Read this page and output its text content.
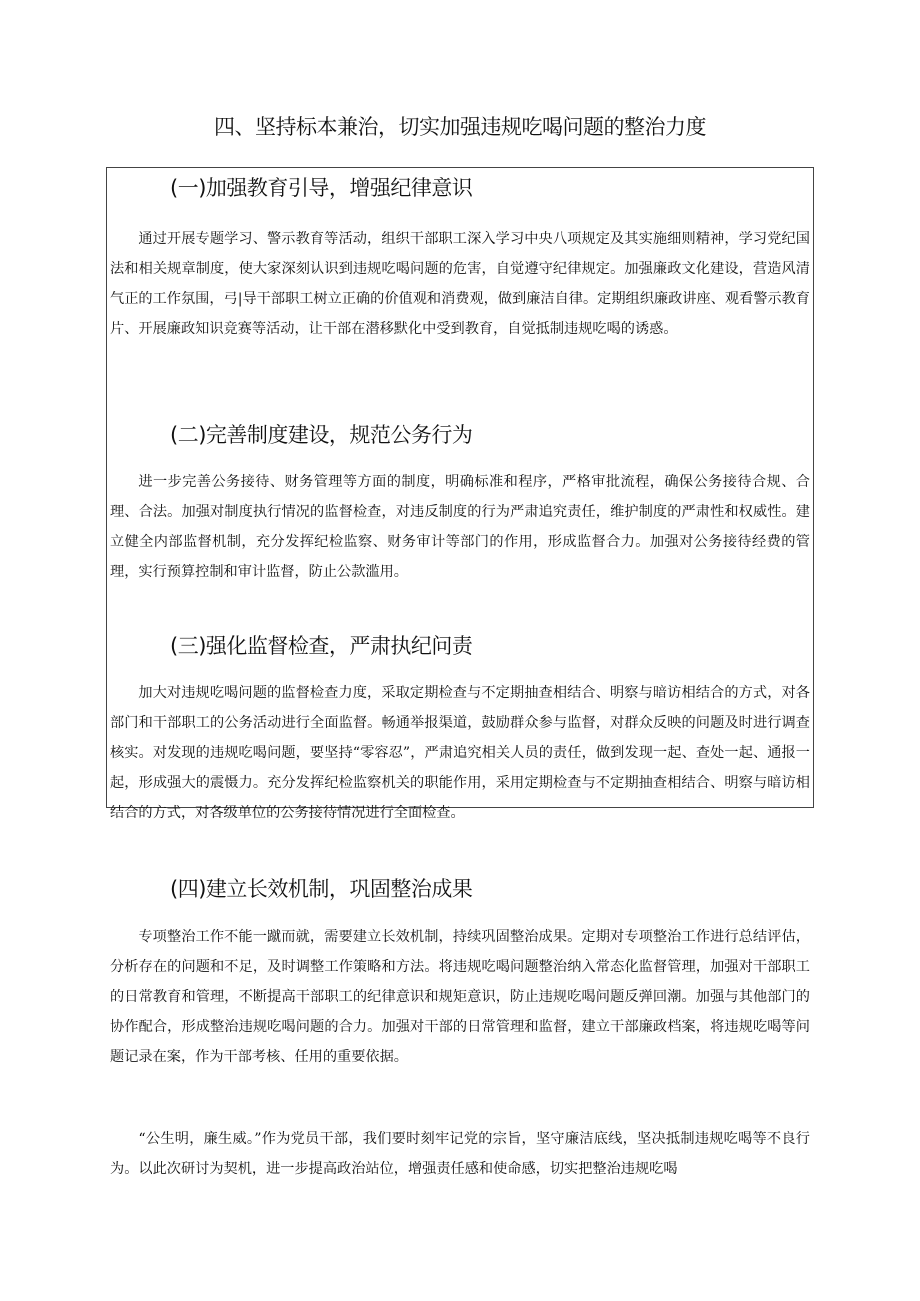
四、坚持标本兼治，切实加强违规吃喝问题的整治力度
(一)加强教育引导，增强纪律意识

通过开展专题学习、警示教育等活动，组织干部职工深入学习中央八项规定及其实施细则精神，学习党纪国法和相关规章制度，使大家深刻认识到违规吃喝问题的危害，自觉遵守纪律规定。加强廉政文化建设，营造风清气正的工作氛围，弓|导干部职工树立正确的价值观和消费观，做到廉洁自律。定期组织廉政讲座、观看警示教育片、开展廉政知识竞赛等活动，让干部在潜移默化中受到教育，自觉抵制违规吃喝的诱惑。

(二)完善制度建设，规范公务行为

进一步完善公务接待、财务管理等方面的制度，明确标准和程序，严格审批流程，确保公务接待合规、合理、合法。加强对制度执行情况的监督检查，对违反制度的行为严肃追究责任，维护制度的严肃性和权威性。建立健全内部监督机制，充分发挥纪检监察、财务审计等部门的作用，形成监督合力。加强对公务接待经费的管理，实行预算控制和审计监督，防止公款滥用。

(三)强化监督检查，严肃执纪问责

加大对违规吃喝问题的监督检查力度，采取定期检查与不定期抽查相结合、明察与暗访相结合的方式，对各部门和干部职工的公务活动进行全面监督。畅通举报渠道，鼓励群众参与监督，对群众反映的问题及时进行调查核实。对发现的违规吃喝问题，要坚持“零容忍”，严肃追究相关人员的责任，做到发现一起、查处一起、通报一起，形成强大的震慑力。充分发挥纪检监察机关的职能作用，采用定期检查与不定期抽查相结合、明察与暗访相结合的方式，对各级单位的公务接待情况进行全面检查。

(四)建立长效机制，巩固整治成果

专项整治工作不能一蹴而就，需要建立长效机制，持续巩固整治成果。定期对专项整治工作进行总结评估，分析存在的问题和不足，及时调整工作策略和方法。将违规吃喝问题整治纳入常态化监督管理，加强对干部职工的日常教育和管理，不断提高干部职工的纪律意识和规矩意识，防止违规吃喝问题反弹回潮。加强与其他部门的协作配合，形成整治违规吃喝问题的合力。加强对干部的日常管理和监督，建立干部廉政档案，将违规吃喝等问题记录在案，作为干部考核、任用的重要依据。

“公生明，廉生威。”作为党员干部，我们要时刻牢记党的宗旨，坚守廉洁底线，坚决抵制违规吃喝等不良行为。以此次研讨为契机，进一步提高政治站位，增强责任感和使命感，切实把整治违规吃喝
